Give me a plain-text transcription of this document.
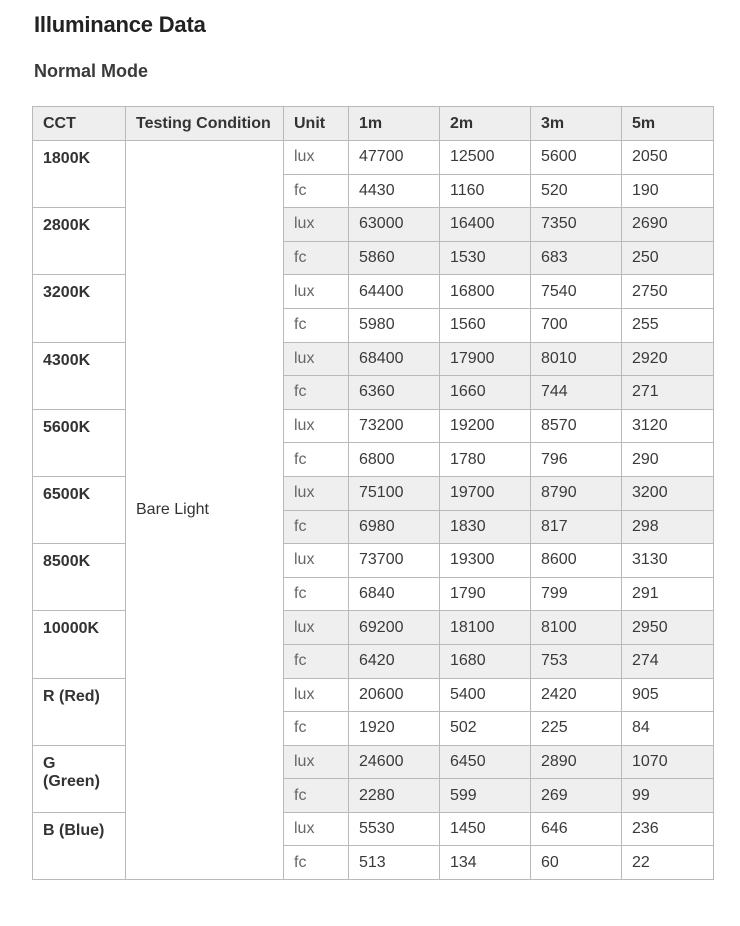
Illuminance Data
Normal Mode
CCT	Testing Condition	Unit	1m	2m	3m	5m
1800K	Bare Light	lux	47700	12500	5600	2050
		fc	4430	1160	520	190
2800K		lux	63000	16400	7350	2690
		fc	5860	1530	683	250
3200K		lux	64400	16800	7540	2750
		fc	5980	1560	700	255
4300K		lux	68400	17900	8010	2920
		fc	6360	1660	744	271
5600K		lux	73200	19200	8570	3120
		fc	6800	1780	796	290
6500K		lux	75100	19700	8790	3200
		fc	6980	1830	817	298
8500K		lux	73700	19300	8600	3130
		fc	6840	1790	799	291
10000K		lux	69200	18100	8100	2950
		fc	6420	1680	753	274
R (Red)		lux	20600	5400	2420	905
		fc	1920	502	225	84
G (Green)		lux	24600	6450	2890	1070
		fc	2280	599	269	99
B (Blue)		lux	5530	1450	646	236
		fc	513	134	60	22
